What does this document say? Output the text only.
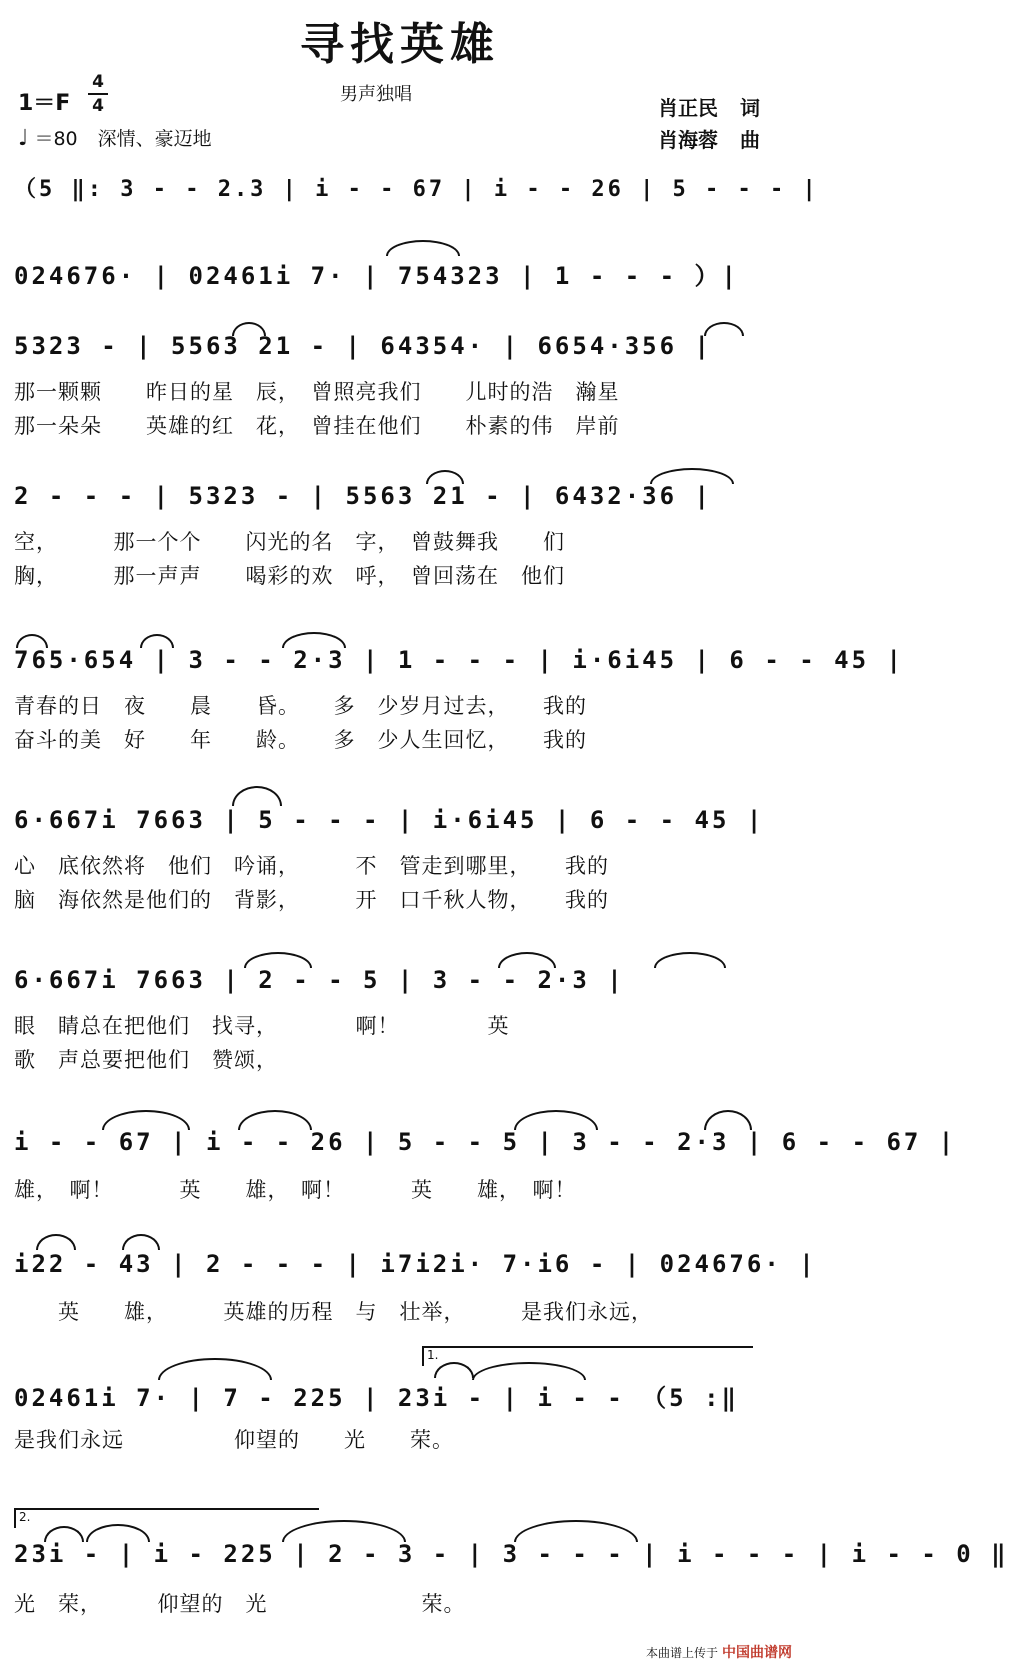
寻找英雄
1＝F
4
4
♩ ＝80 深情、豪迈地
男声独唱
肖正民 词
肖海蓉 曲
（5 ‖: 3 - - 2.3 | i - - 67 | i - - 26 | 5 - - - |
024676· | 02461i 7· | 754323 | 1 - - - ）|
5323 - | 5563 21 - | 64354· | 6654·356 |
那一颗颗　　昨日的星　辰，　曾照亮我们　　儿时的浩　瀚星
那一朵朵　　英雄的红　花，　曾挂在他们　　朴素的伟　岸前
2 - - - | 5323 - | 5563 21 - | 6432·36 |
空，　　　那一个个　　闪光的名　字，　曾鼓舞我　　们
胸，　　　那一声声　　喝彩的欢　呼，　曾回荡在　他们
765·654 | 3 - - 2·3 | 1 - - - | i·6i45 | 6 - - 45 |
青春的日　夜　　晨　　昏。　　多　少岁月过去，　　我的
奋斗的美　好　　年　　龄。　　多　少人生回忆，　　我的
6·667i 7663 | 5 - - - | i·6i45 | 6 - - 45 |
心　底依然将　他们　吟诵，　　　不　管走到哪里，　　我的
脑　海依然是他们的　背影，　　　开　口千秋人物，　　我的
6·667i 7663 | 2 - - 5 | 3 - - 2·3 |
眼　睛总在把他们　找寻，　　　　啊！　　　　英
歌　声总要把他们　赞颂，
i - - 67 | i - - 26 | 5 - - 5 | 3 - - 2·3 | 6 - - 67 |
雄，　啊！　　　英　　雄，　啊！　　　英　　雄，　啊！
i22 - 43 | 2 - - - | i7i2i· 7·i6 - | 024676· |
　　英　　雄，　　　英雄的历程　与　壮举，　　　是我们永远，
1.
02461i 7· | 7 - 225 | 23i - | i - - （5 :‖
是我们永远　　　　　仰望的　　光　　荣。
2.
23i - | i - 225 | 2 - 3 - | 3 - - - | i - - - | i - - 0 ‖
光　荣，　　　仰望的　光　　　　　　　荣。
本曲谱上传于 中国曲谱网
